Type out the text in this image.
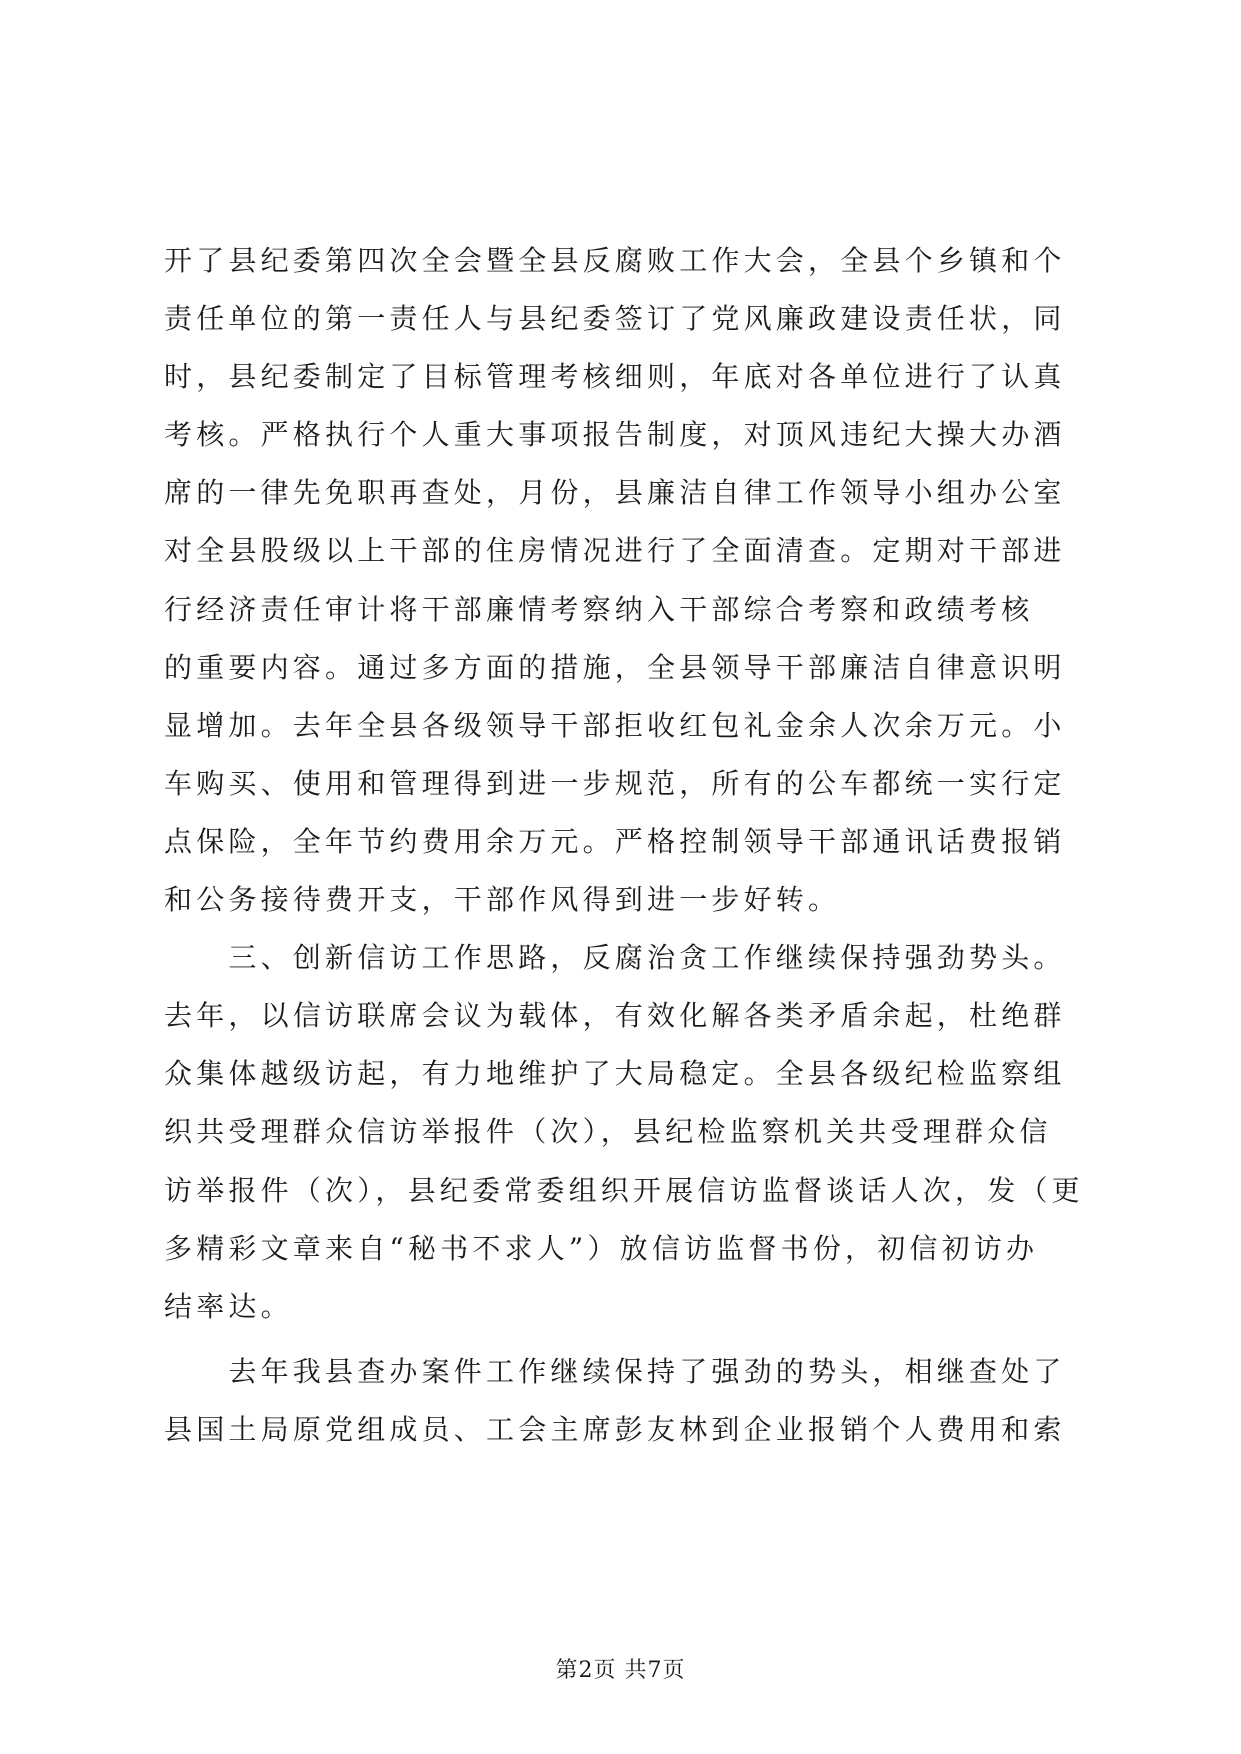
开了县纪委第四次全会暨全县反腐败工作大会，全县个乡镇和个
责任单位的第一责任人与县纪委签订了党风廉政建设责任状，同
时，县纪委制定了目标管理考核细则，年底对各单位进行了认真
考核。严格执行个人重大事项报告制度，对顶风违纪大操大办酒
席的一律先免职再查处，月份，县廉洁自律工作领导小组办公室
对全县股级以上干部的住房情况进行了全面清查。定期对干部进
行经济责任审计将干部廉情考察纳入干部综合考察和政绩考核
的重要内容。通过多方面的措施，全县领导干部廉洁自律意识明
显增加。去年全县各级领导干部拒收红包礼金余人次余万元。小
车购买、使用和管理得到进一步规范，所有的公车都统一实行定
点保险，全年节约费用余万元。严格控制领导干部通讯话费报销
和公务接待费开支，干部作风得到进一步好转。
　　三、创新信访工作思路，反腐治贪工作继续保持强劲势头。
去年，以信访联席会议为载体，有效化解各类矛盾余起，杜绝群
众集体越级访起，有力地维护了大局稳定。全县各级纪检监察组
织共受理群众信访举报件（次），县纪检监察机关共受理群众信
访举报件（次），县纪委常委组织开展信访监督谈话人次，发（更
多精彩文章来自“秘书不求人”）放信访监督书份，初信初访办
结率达。
　　去年我县查办案件工作继续保持了强劲的势头，相继查处了
县国土局原党组成员、工会主席彭友林到企业报销个人费用和索
第2页 共7页
